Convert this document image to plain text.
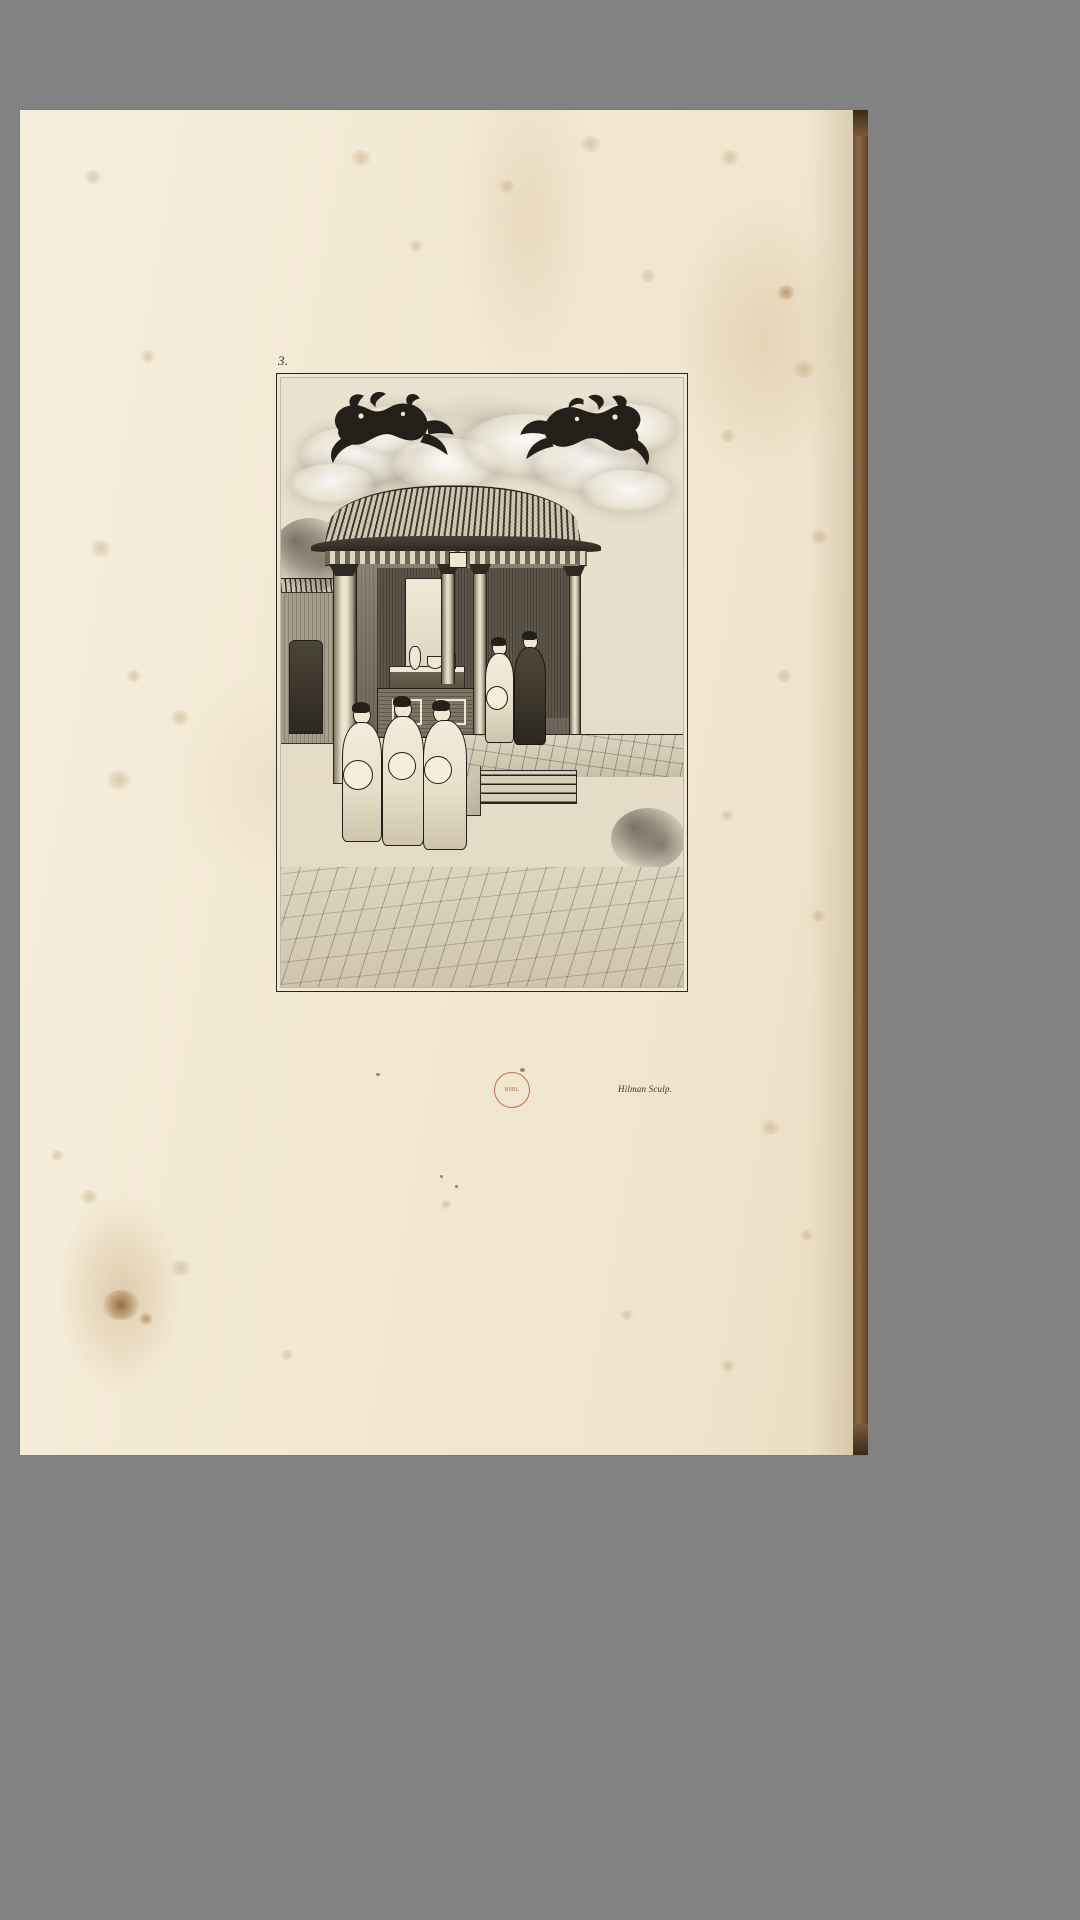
3.
BIBL	Hilman Sculp.
